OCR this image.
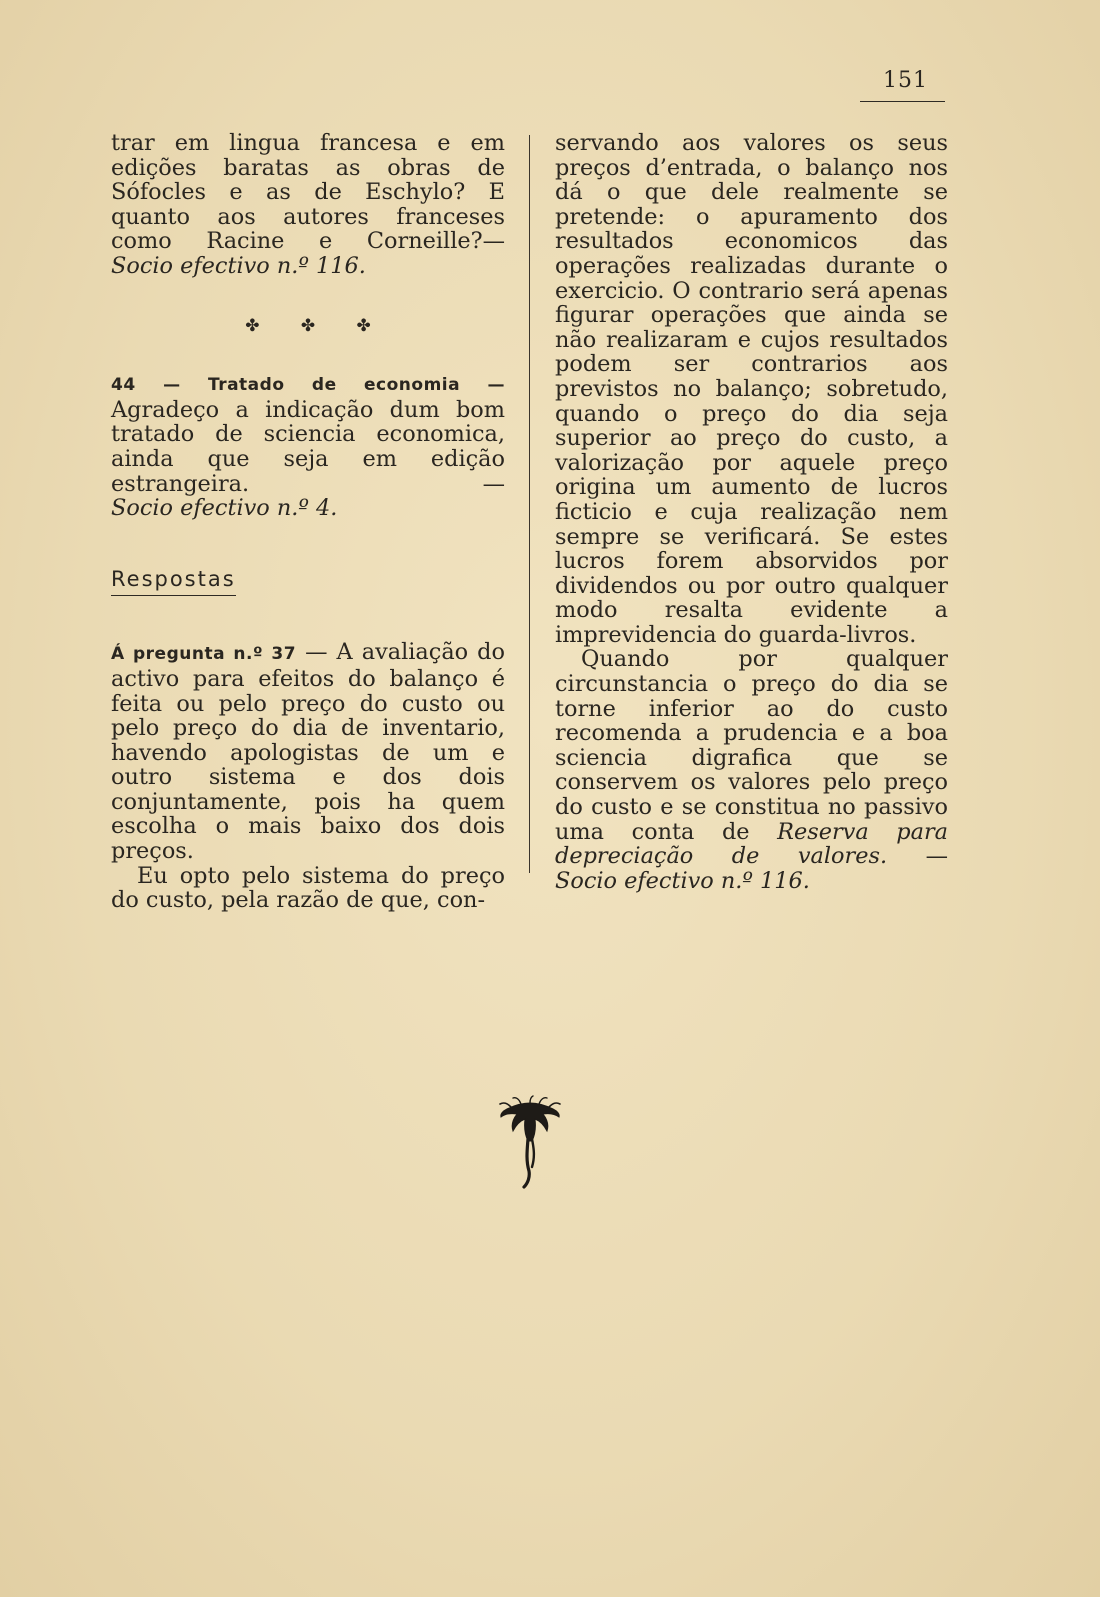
151

trar em lingua francesa e em edições baratas as obras de Sófocles e as de Eschylo? E quanto aos autores franceses como Racine e Corneille?—Socio efectivo n.º 116.

✤ ✤ ✤

44 — Tratado de economia — Agradeço a indicação dum bom tratado de sciencia economica, ainda que seja em edição estrangeira. — Socio efectivo n.º 4.

Respostas

Á pregunta n.º 37 — A avaliação do activo para efeitos do balanço é feita ou pelo preço do custo ou pelo preço do dia de inventario, havendo apologistas de um e outro sistema e dos dois conjuntamente, pois ha quem escolha o mais baixo dos dois preços.

Eu opto pelo sistema do preço do custo, pela razão de que, con-

servando aos valores os seus preços d’entrada, o balanço nos dá o que dele realmente se pretende: o apuramento dos resultados economicos das operações realizadas durante o exercicio. O contrario será apenas figurar operações que ainda se não realizaram e cujos resultados podem ser contrarios aos previstos no balanço; sobretudo, quando o preço do dia seja superior ao preço do custo, a valorização por aquele preço origina um aumento de lucros ficticio e cuja realização nem sempre se verificará. Se estes lucros forem absorvidos por dividendos ou por outro qualquer modo resalta evidente a imprevidencia do guarda-livros.

Quando por qualquer circunstancia o preço do dia se torne inferior ao do custo recomenda a prudencia e a boa sciencia digrafica que se conservem os valores pelo preço do custo e se constitua no passivo uma conta de Reserva para depreciação de valores. — Socio efectivo n.º 116.
